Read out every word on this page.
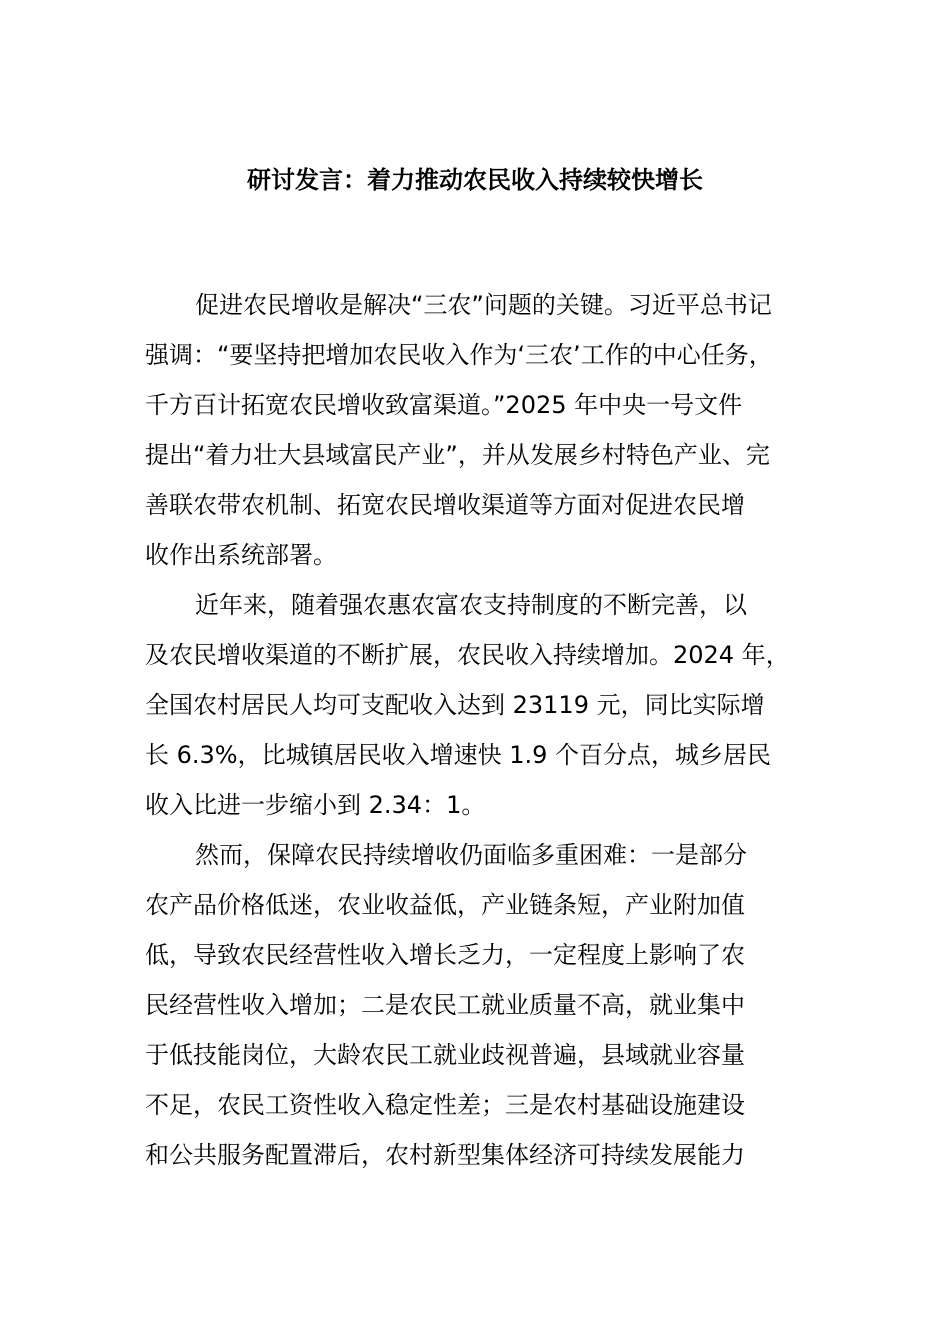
研讨发言：着力推动农民收入持续较快增长
促进农民增收是解决“三农”问题的关键。习近平总书记
强调：“要坚持把增加农民收入作为‘三农’工作的中心任务，
千方百计拓宽农民增收致富渠道。”2025 年中央一号文件
提出“着力壮大县域富民产业”，并从发展乡村特色产业、完
善联农带农机制、拓宽农民增收渠道等方面对促进农民增
收作出系统部署。
近年来，随着强农惠农富农支持制度的不断完善，以
及农民增收渠道的不断扩展，农民收入持续增加。2024 年，
全国农村居民人均可支配收入达到 23119 元，同比实际增
长 6.3%，比城镇居民收入增速快 1.9 个百分点，城乡居民
收入比进一步缩小到 2.34：1。
然而，保障农民持续增收仍面临多重困难：一是部分
农产品价格低迷，农业收益低，产业链条短，产业附加值
低，导致农民经营性收入增长乏力，一定程度上影响了农
民经营性收入增加；二是农民工就业质量不高，就业集中
于低技能岗位，大龄农民工就业歧视普遍，县域就业容量
不足，农民工资性收入稳定性差；三是农村基础设施建设
和公共服务配置滞后，农村新型集体经济可持续发展能力
